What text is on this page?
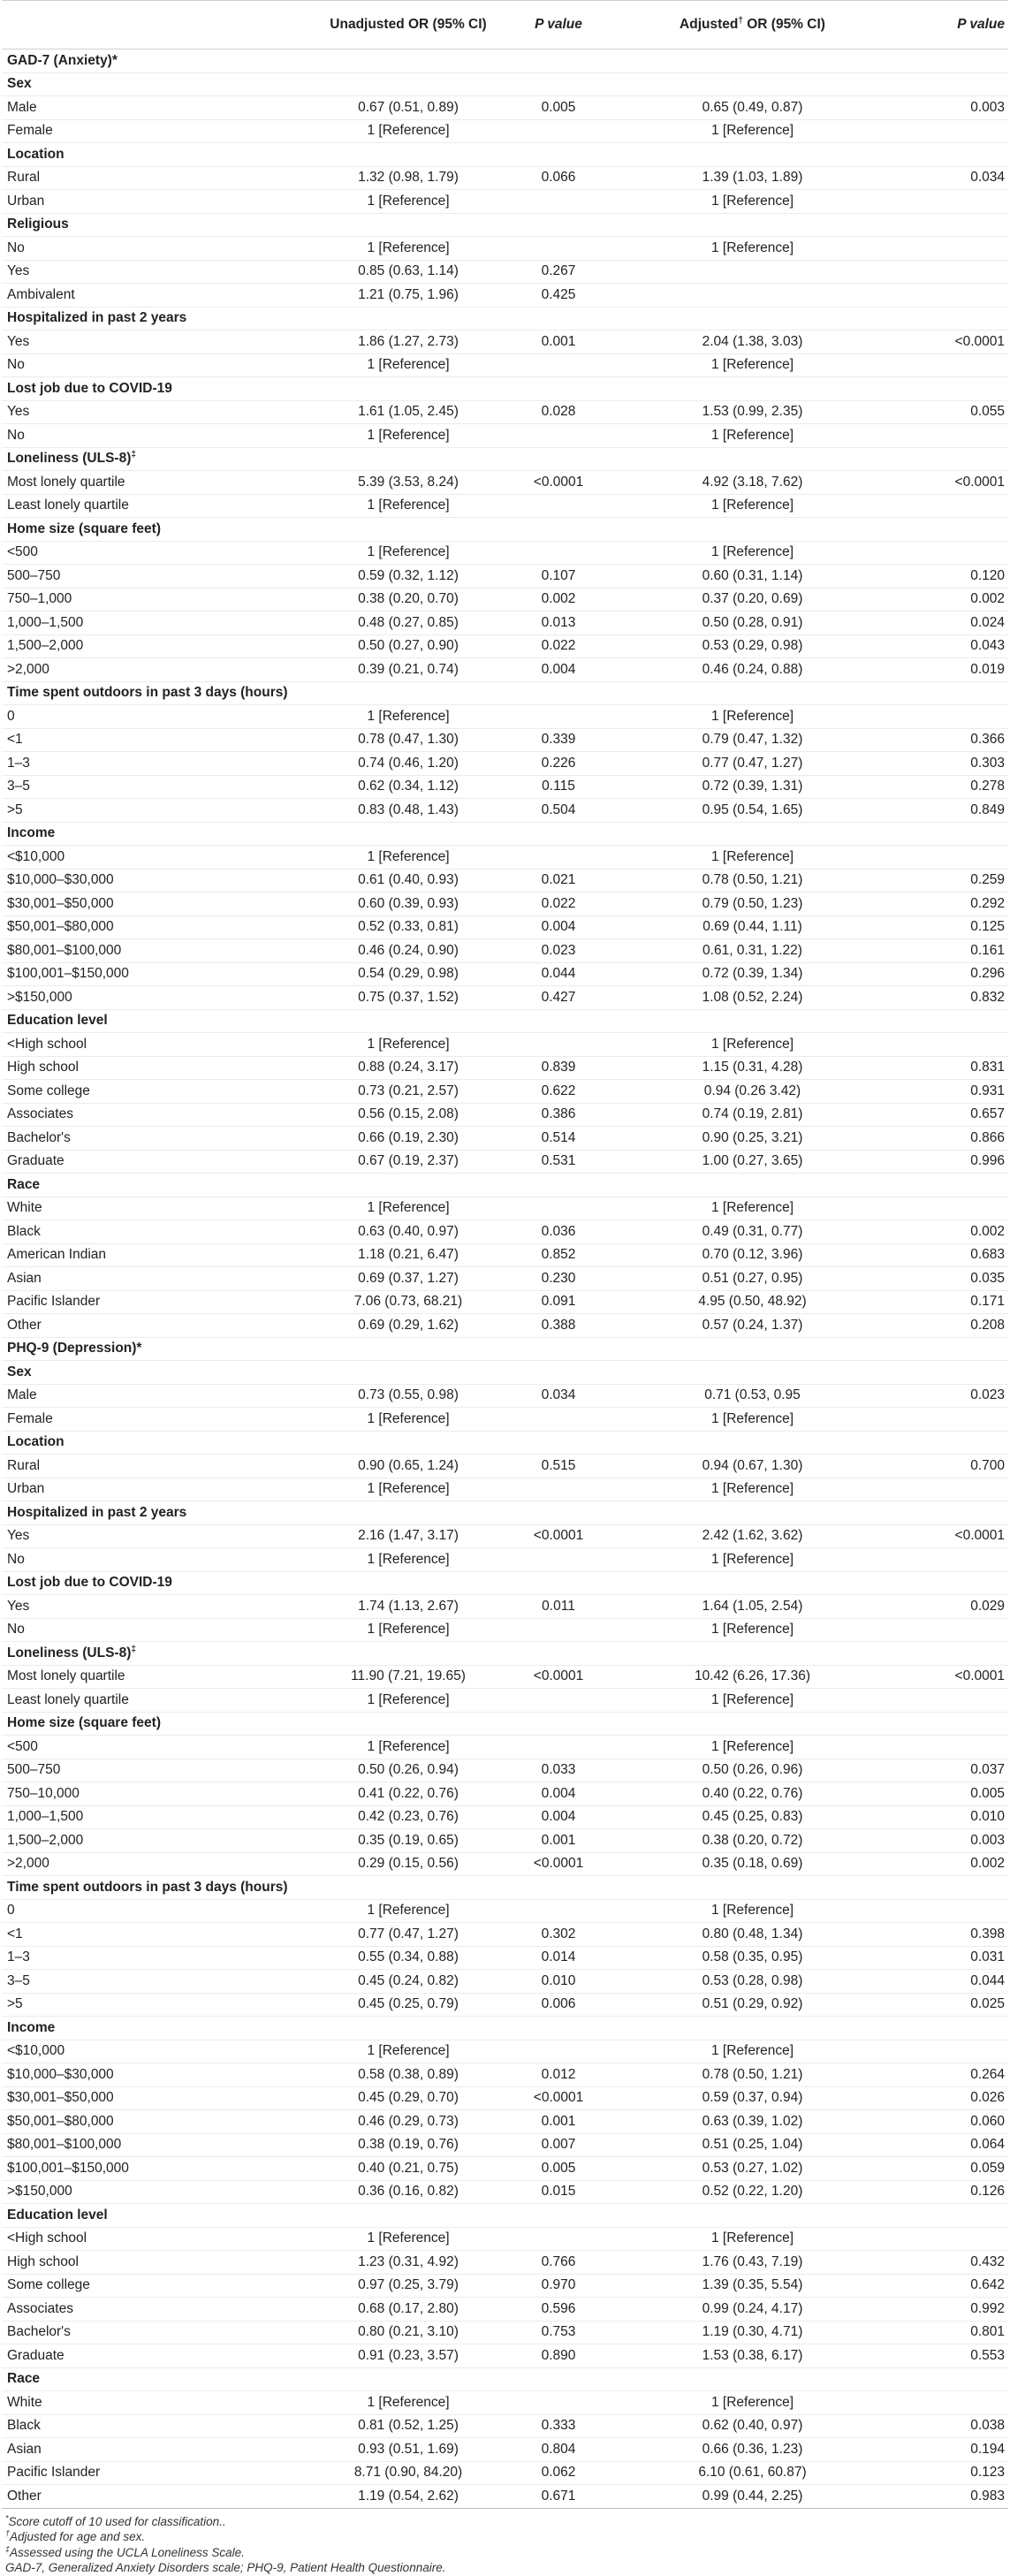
	Unadjusted OR (95% CI)	P value	Adjusted† OR (95% CI)	P value
GAD-7 (Anxiety)*				
Sex				
Male	0.67 (0.51, 0.89)	0.005	0.65 (0.49, 0.87)	0.003
Female	1 [Reference]		1 [Reference]	
Location				
Rural	1.32 (0.98, 1.79)	0.066	1.39 (1.03, 1.89)	0.034
Urban	1 [Reference]		1 [Reference]	
Religious				
No	1 [Reference]		1 [Reference]	
Yes	0.85 (0.63, 1.14)	0.267		
Ambivalent	1.21 (0.75, 1.96)	0.425		
Hospitalized in past 2 years				
Yes	1.86 (1.27, 2.73)	0.001	2.04 (1.38, 3.03)	<0.0001
No	1 [Reference]		1 [Reference]	
Lost job due to COVID-19				
Yes	1.61 (1.05, 2.45)	0.028	1.53 (0.99, 2.35)	0.055
No	1 [Reference]		1 [Reference]	
Loneliness (ULS-8)‡
Most lonely quartile	5.39 (3.53, 8.24)	<0.0001	4.92 (3.18, 7.62)	<0.0001
Least lonely quartile	1 [Reference]		1 [Reference]	
Home size (square feet)				
<500	1 [Reference]		1 [Reference]	
500–750	0.59 (0.32, 1.12)	0.107	0.60 (0.31, 1.14)	0.120
750–1,000	0.38 (0.20, 0.70)	0.002	0.37 (0.20, 0.69)	0.002
1,000–1,500	0.48 (0.27, 0.85)	0.013	0.50 (0.28, 0.91)	0.024
1,500–2,000	0.50 (0.27, 0.90)	0.022	0.53 (0.29, 0.98)	0.043
>2,000	0.39 (0.21, 0.74)	0.004	0.46 (0.24, 0.88)	0.019
Time spent outdoors in past 3 days (hours)				
0	1 [Reference]		1 [Reference]	
<1	0.78 (0.47, 1.30)	0.339	0.79 (0.47, 1.32)	0.366
1–3	0.74 (0.46, 1.20)	0.226	0.77 (0.47, 1.27)	0.303
3–5	0.62 (0.34, 1.12)	0.115	0.72 (0.39, 1.31)	0.278
>5	0.83 (0.48, 1.43)	0.504	0.95 (0.54, 1.65)	0.849
Income				
<$10,000	1 [Reference]		1 [Reference]	
$10,000–$30,000	0.61 (0.40, 0.93)	0.021	0.78 (0.50, 1.21)	0.259
$30,001–$50,000	0.60 (0.39, 0.93)	0.022	0.79 (0.50, 1.23)	0.292
$50,001–$80,000	0.52 (0.33, 0.81)	0.004	0.69 (0.44, 1.11)	0.125
$80,001–$100,000	0.46 (0.24, 0.90)	0.023	0.61, 0.31, 1.22)	0.161
$100,001–$150,000	0.54 (0.29, 0.98)	0.044	0.72 (0.39, 1.34)	0.296
>$150,000	0.75 (0.37, 1.52)	0.427	1.08 (0.52, 2.24)	0.832
Education level				
<High school	1 [Reference]		1 [Reference]	
High school	0.88 (0.24, 3.17)	0.839	1.15 (0.31, 4.28)	0.831
Some college	0.73 (0.21, 2.57)	0.622	0.94 (0.26 3.42)	0.931
Associates	0.56 (0.15, 2.08)	0.386	0.74 (0.19, 2.81)	0.657
Bachelor's	0.66 (0.19, 2.30)	0.514	0.90 (0.25, 3.21)	0.866
Graduate	0.67 (0.19, 2.37)	0.531	1.00 (0.27, 3.65)	0.996
Race				
White	1 [Reference]		1 [Reference]	
Black	0.63 (0.40, 0.97)	0.036	0.49 (0.31, 0.77)	0.002
American Indian	1.18 (0.21, 6.47)	0.852	0.70 (0.12, 3.96)	0.683
Asian	0.69 (0.37, 1.27)	0.230	0.51 (0.27, 0.95)	0.035
Pacific Islander	7.06 (0.73, 68.21)	0.091	4.95 (0.50, 48.92)	0.171
Other	0.69 (0.29, 1.62)	0.388	0.57 (0.24, 1.37)	0.208
PHQ-9 (Depression)*				
Sex				
Male	0.73 (0.55, 0.98)	0.034	0.71 (0.53, 0.95	0.023
Female	1 [Reference]		1 [Reference]	
Location				
Rural	0.90 (0.65, 1.24)	0.515	0.94 (0.67, 1.30)	0.700
Urban	1 [Reference]		1 [Reference]	
Hospitalized in past 2 years				
Yes	2.16 (1.47, 3.17)	<0.0001	2.42 (1.62, 3.62)	<0.0001
No	1 [Reference]		1 [Reference]	
Lost job due to COVID-19				
Yes	1.74 (1.13, 2.67)	0.011	1.64 (1.05, 2.54)	0.029
No	1 [Reference]		1 [Reference]	
Loneliness (ULS-8)‡
Most lonely quartile	11.90 (7.21, 19.65)	<0.0001	10.42 (6.26, 17.36)	<0.0001
Least lonely quartile	1 [Reference]		1 [Reference]	
Home size (square feet)				
<500	1 [Reference]		1 [Reference]	
500–750	0.50 (0.26, 0.94)	0.033	0.50 (0.26, 0.96)	0.037
750–10,000	0.41 (0.22, 0.76)	0.004	0.40 (0.22, 0.76)	0.005
1,000–1,500	0.42 (0.23, 0.76)	0.004	0.45 (0.25, 0.83)	0.010
1,500–2,000	0.35 (0.19, 0.65)	0.001	0.38 (0.20, 0.72)	0.003
>2,000	0.29 (0.15, 0.56)	<0.0001	0.35 (0.18, 0.69)	0.002
Time spent outdoors in past 3 days (hours)				
0	1 [Reference]		1 [Reference]	
<1	0.77 (0.47, 1.27)	0.302	0.80 (0.48, 1.34)	0.398
1–3	0.55 (0.34, 0.88)	0.014	0.58 (0.35, 0.95)	0.031
3–5	0.45 (0.24, 0.82)	0.010	0.53 (0.28, 0.98)	0.044
>5	0.45 (0.25, 0.79)	0.006	0.51 (0.29, 0.92)	0.025
Income				
<$10,000	1 [Reference]		1 [Reference]	
$10,000–$30,000	0.58 (0.38, 0.89)	0.012	0.78 (0.50, 1.21)	0.264
$30,001–$50,000	0.45 (0.29, 0.70)	<0.0001	0.59 (0.37, 0.94)	0.026
$50,001–$80,000	0.46 (0.29, 0.73)	0.001	0.63 (0.39, 1.02)	0.060
$80,001–$100,000	0.38 (0.19, 0.76)	0.007	0.51 (0.25, 1.04)	0.064
$100,001–$150,000	0.40 (0.21, 0.75)	0.005	0.53 (0.27, 1.02)	0.059
>$150,000	0.36 (0.16, 0.82)	0.015	0.52 (0.22, 1.20)	0.126
Education level				
<High school	1 [Reference]		1 [Reference]	
High school	1.23 (0.31, 4.92)	0.766	1.76 (0.43, 7.19)	0.432
Some college	0.97 (0.25, 3.79)	0.970	1.39 (0.35, 5.54)	0.642
Associates	0.68 (0.17, 2.80)	0.596	0.99 (0.24, 4.17)	0.992
Bachelor's	0.80 (0.21, 3.10)	0.753	1.19 (0.30, 4.71)	0.801
Graduate	0.91 (0.23, 3.57)	0.890	1.53 (0.38, 6.17)	0.553
Race				
White	1 [Reference]		1 [Reference]	
Black	0.81 (0.52, 1.25)	0.333	0.62 (0.40, 0.97)	0.038
Asian	0.93 (0.51, 1.69)	0.804	0.66 (0.36, 1.23)	0.194
Pacific Islander	8.71 (0.90, 84.20)	0.062	6.10 (0.61, 60.87)	0.123
Other	1.19 (0.54, 2.62)	0.671	0.99 (0.44, 2.25)	0.983
*Score cutoff of 10 used for classification..
†Adjusted for age and sex.
‡Assessed using the UCLA Loneliness Scale.
GAD-7, Generalized Anxiety Disorders scale; PHQ-9, Patient Health Questionnaire.
